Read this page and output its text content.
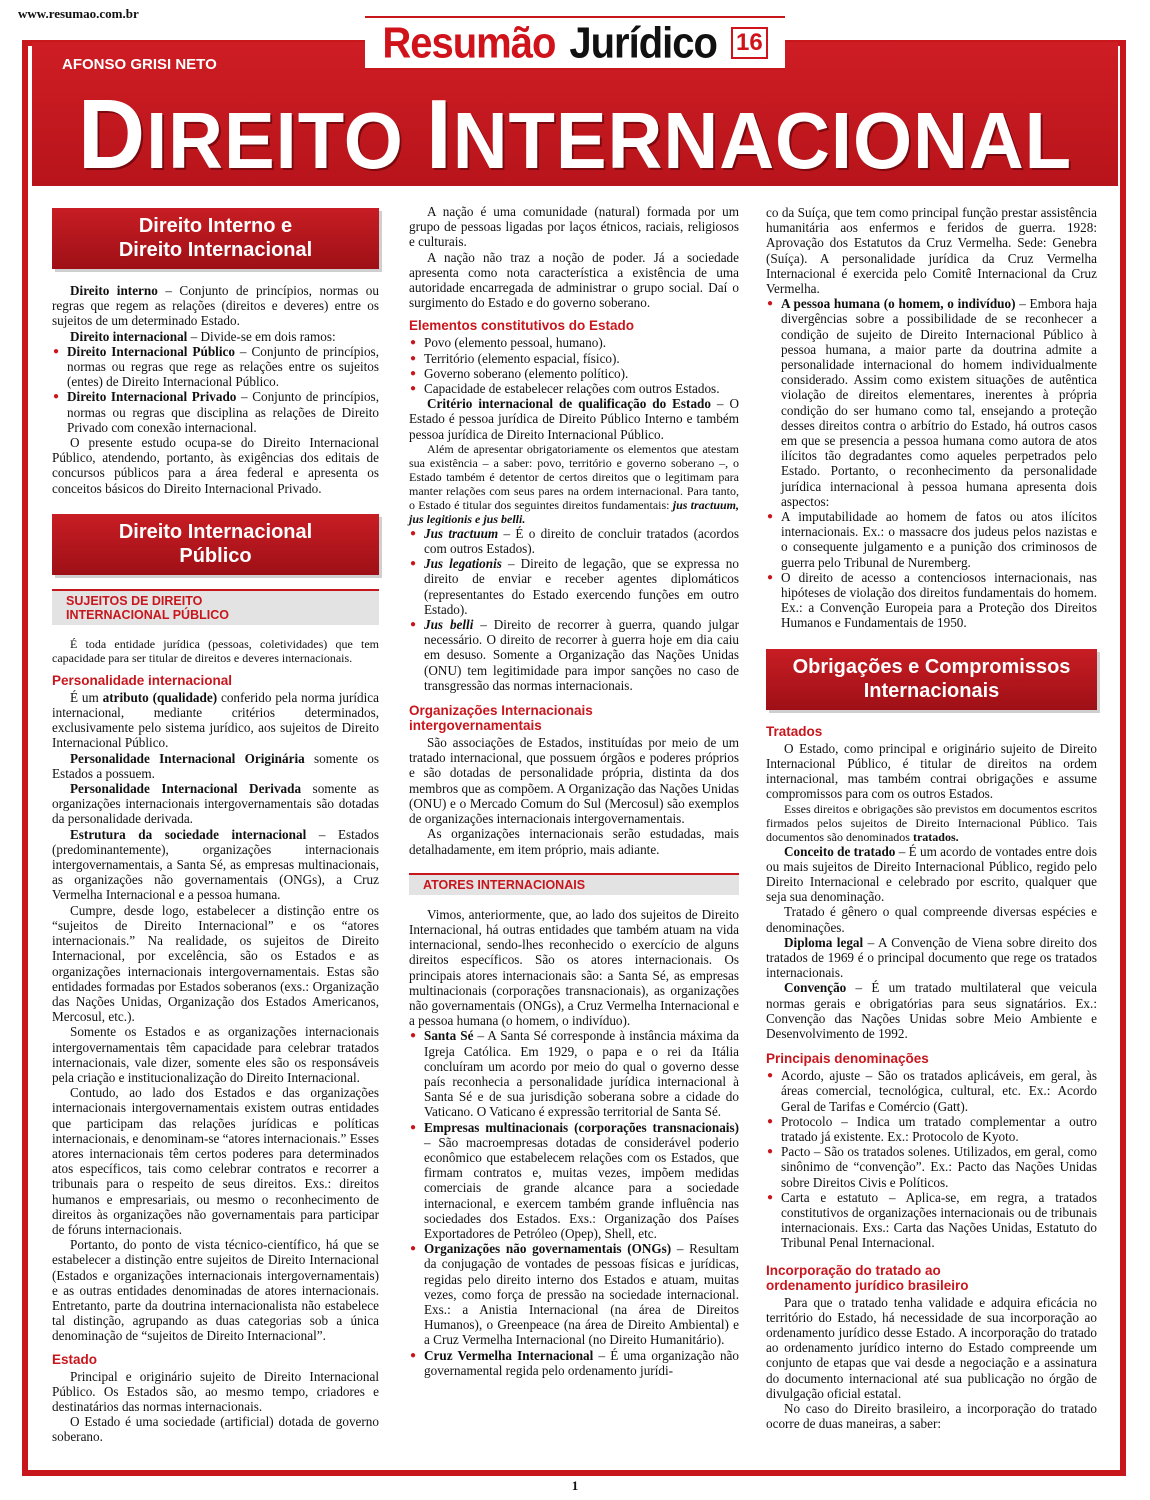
www.resumao.com.br
AFONSO GRISI NETO
DIREITO INTERNACIONAL
Resumão Jurídico 16
Direito Interno e
Direito Internacional

Direito interno – Conjunto de princípios, normas ou regras que regem as relações (direitos e deveres) entre os sujeitos de um determinado Estado.

Direito internacional – Divide-se em dois ramos:

● Direito Internacional Público – Conjunto de princípios, normas ou regras que rege as relações entre os sujeitos (entes) de Direito Internacional Público.
● Direito Internacional Privado – Conjunto de princípios, normas ou regras que disciplina as relações de Direito Privado com conexão internacional.

O presente estudo ocupa-se do Direito Internacional Público, atendendo, portanto, às exigências dos editais de concursos públicos para a área federal e apresenta os conceitos básicos do Direito Internacional Privado.

Direito Internacional
Público
SUJEITOS DE DIREITO
INTERNACIONAL PÚBLICO

É toda entidade jurídica (pessoas, coletividades) que tem capacidade para ser titular de direitos e deveres internacionais.

Personalidade internacional

É um atributo (qualidade) conferido pela norma jurídica internacional, mediante critérios determinados, exclusivamente pelo sistema jurídico, aos sujeitos de Direito Internacional Público.

Personalidade Internacional Originária somente os Estados a possuem.

Personalidade Internacional Derivada somente as organizações internacionais intergovernamentais são dotadas da personalidade derivada.

Estrutura da sociedade internacional – Estados (predominantemente), organizações internacionais intergovernamentais, a Santa Sé, as empresas multinacionais, as organizações não governamentais (ONGs), a Cruz Vermelha Internacional e a pessoa humana.

Cumpre, desde logo, estabelecer a distinção entre os “sujeitos de Direito Internacional” e os “atores internacionais.” Na realidade, os sujeitos de Direito Internacional, por excelência, são os Estados e as organizações internacionais intergovernamentais. Estas são entidades formadas por Estados soberanos (exs.: Organização das Nações Unidas, Organização dos Estados Americanos, Mercosul, etc.).

Somente os Estados e as organizações internacionais intergovernamentais têm capacidade para celebrar tratados internacionais, vale dizer, somente eles são os responsáveis pela criação e institucionalização do Direito Internacional.

Contudo, ao lado dos Estados e das organizações internacionais intergovernamentais existem outras entidades que participam das relações jurídicas e políticas internacionais, e denominam-se “atores internacionais.” Esses atores internacionais têm certos poderes para determinados atos específicos, tais como celebrar contratos e recorrer a tribunais para o respeito de seus direitos. Exs.: direitos humanos e empresariais, ou mesmo o reconhecimento de direitos às organizações não governamentais para participar de fóruns internacionais.

Portanto, do ponto de vista técnico-científico, há que se estabelecer a distinção entre sujeitos de Direito Internacional (Estados e organizações internacionais intergovernamentais) e as outras entidades denominadas de atores internacionais. Entretanto, parte da doutrina internacionalista não estabelece tal distinção, agrupando as duas categorias sob a única denominação de “sujeitos de Direito Internacional”.

Estado

Principal e originário sujeito de Direito Internacional Público. Os Estados são, ao mesmo tempo, criadores e destinatários das normas internacionais.

O Estado é uma sociedade (artificial) dotada de governo soberano.

A nação é uma comunidade (natural) formada por um grupo de pessoas ligadas por laços étnicos, raciais, religiosos e culturais.

A nação não traz a noção de poder. Já a sociedade apresenta como nota característica a existência de uma autoridade encarregada de administrar o grupo social. Daí o surgimento do Estado e do governo soberano.

Elementos constitutivos do Estado
● Povo (elemento pessoal, humano).
● Território (elemento espacial, físico).
● Governo soberano (elemento político).
● Capacidade de estabelecer relações com outros Estados.

Critério internacional de qualificação do Estado – O Estado é pessoa jurídica de Direito Público Interno e também pessoa jurídica de Direito Internacional Público.

Além de apresentar obrigatoriamente os elementos que atestam sua existência – a saber: povo, território e governo soberano –, o Estado também é detentor de certos direitos que o legitimam para manter relações com seus pares na ordem internacional. Para tanto, o Estado é titular dos seguintes direitos fundamentais: jus tractuum, jus legitionis e jus belli.

● Jus tractuum – É o direito de concluir tratados (acordos com outros Estados).
● Jus legationis – Direito de legação, que se expressa no direito de enviar e receber agentes diplomáticos (representantes do Estado exercendo funções em outro Estado).
● Jus belli – Direito de recorrer à guerra, quando julgar necessário. O direito de recorrer à guerra hoje em dia caiu em desuso. Somente a Organização das Nações Unidas (ONU) tem legitimidade para impor sanções no caso de transgressão das normas internacionais.
Organizações Internacionais
intergovernamentais

São associações de Estados, instituídas por meio de um tratado internacional, que possuem órgãos e poderes próprios e são dotadas de personalidade própria, distinta da dos membros que as compõem. A Organização das Nações Unidas (ONU) e o Mercado Comum do Sul (Mercosul) são exemplos de organizações internacionais intergovernamentais.

As organizações internacionais serão estudadas, mais detalhadamente, em item próprio, mais adiante.

ATORES INTERNACIONAIS

Vimos, anteriormente, que, ao lado dos sujeitos de Direito Internacional, há outras entidades que também atuam na vida internacional, sendo-lhes reconhecido o exercício de alguns direitos específicos. São os atores internacionais. Os principais atores internacionais são: a Santa Sé, as empresas multinacionais (corporações transnacionais), as organizações não governamentais (ONGs), a Cruz Vermelha Internacional e a pessoa humana (o homem, o indivíduo).

● Santa Sé – A Santa Sé corresponde à instância máxima da Igreja Católica. Em 1929, o papa e o rei da Itália concluíram um acordo por meio do qual o governo desse país reconhecia a personalidade jurídica internacional à Santa Sé e de sua jurisdição soberana sobre a cidade do Vaticano. O Vaticano é expressão territorial de Santa Sé.
● Empresas multinacionais (corporações transnacionais) – São macroempresas dotadas de considerável poderio econômico que estabelecem relações com os Estados, que firmam contratos e, muitas vezes, impõem medidas comerciais de grande alcance para a sociedade internacional, e exercem também grande influência nas sociedades dos Estados. Exs.: Organização dos Países Exportadores de Petróleo (Opep), Shell, etc.
● Organizações não governamentais (ONGs) – Resultam da conjugação de vontades de pessoas físicas e jurídicas, regidas pelo direito interno dos Estados e atuam, muitas vezes, como força de pressão na sociedade internacional. Exs.: a Anistia Internacional (na área de Direitos Humanos), o Greenpeace (na área de Direito Ambiental) e a Cruz Vermelha Internacional (no Direito Humanitário).
● Cruz Vermelha Internacional – É uma organização não governamental regida pelo ordenamento jurídi-

co da Suíça, que tem como principal função prestar assistência humanitária aos enfermos e feridos de guerra. 1928: Aprovação dos Estatutos da Cruz Vermelha. Sede: Genebra (Suíça). A personalidade jurídica da Cruz Vermelha Internacional é exercida pelo Comitê Internacional da Cruz Vermelha.

● A pessoa humana (o homem, o indivíduo) – Embora haja divergências sobre a possibilidade de se reconhecer a condição de sujeito de Direito Internacional Público à pessoa humana, a maior parte da doutrina admite a personalidade internacional do homem individualmente considerado. Assim como existem situações de autêntica violação de direitos elementares, inerentes à própria condição do ser humano como tal, ensejando a proteção desses direitos contra o arbítrio do Estado, há outros casos em que se presencia a pessoa humana como autora de atos ilícitos tão degradantes como aqueles perpetrados pelo Estado. Portanto, o reconhecimento da personalidade jurídica internacional à pessoa humana apresenta dois aspectos:
● A imputabilidade ao homem de fatos ou atos ilícitos internacionais. Ex.: o massacre dos judeus pelos nazistas e o consequente julgamento e a punição dos criminosos de guerra pelo Tribunal de Nuremberg.
● O direito de acesso a contenciosos internacionais, nas hipóteses de violação dos direitos fundamentais do homem. Ex.: a Convenção Europeia para a Proteção dos Direitos Humanos e Fundamentais de 1950.
Obrigações e Compromissos
Internacionais
Tratados

O Estado, como principal e originário sujeito de Direito Internacional Público, é titular de direitos na ordem internacional, mas também contrai obrigações e assume compromissos para com os outros Estados.

Esses direitos e obrigações são previstos em documentos escritos firmados pelos sujeitos de Direito Internacional Público. Tais documentos são denominados tratados.

Conceito de tratado – É um acordo de vontades entre dois ou mais sujeitos de Direito Internacional Público, regido pelo Direito Internacional e celebrado por escrito, qualquer que seja sua denominação.

Tratado é gênero o qual compreende diversas espécies e denominações.

Diploma legal – A Convenção de Viena sobre direito dos tratados de 1969 é o principal documento que rege os tratados internacionais.

Convenção – É um tratado multilateral que veicula normas gerais e obrigatórias para seus signatários. Ex.: Convenção das Nações Unidas sobre Meio Ambiente e Desenvolvimento de 1992.

Principais denominações
● Acordo, ajuste – São os tratados aplicáveis, em geral, às áreas comercial, tecnológica, cultural, etc. Ex.: Acordo Geral de Tarifas e Comércio (Gatt).
● Protocolo – Indica um tratado complementar a outro tratado já existente. Ex.: Protocolo de Kyoto.
● Pacto – São os tratados solenes. Utilizados, em geral, como sinônimo de “convenção”. Ex.: Pacto das Nações Unidas sobre Direitos Civis e Políticos.
● Carta e estatuto – Aplica-se, em regra, a tratados constitutivos de organizações internacionais ou de tribunais internacionais. Exs.: Carta das Nações Unidas, Estatuto do Tribunal Penal Internacional.
Incorporação do tratado ao
ordenamento jurídico brasileiro

Para que o tratado tenha validade e adquira eficácia no território do Estado, há necessidade de sua incorporação ao ordenamento jurídico desse Estado. A incorporação do tratado ao ordenamento jurídico interno do Estado compreende um conjunto de etapas que vai desde a negociação e a assinatura do documento internacional até sua publicação no órgão de divulgação oficial estatal.

No caso do Direito brasileiro, a incorporação do tratado ocorre de duas maneiras, a saber:

1
